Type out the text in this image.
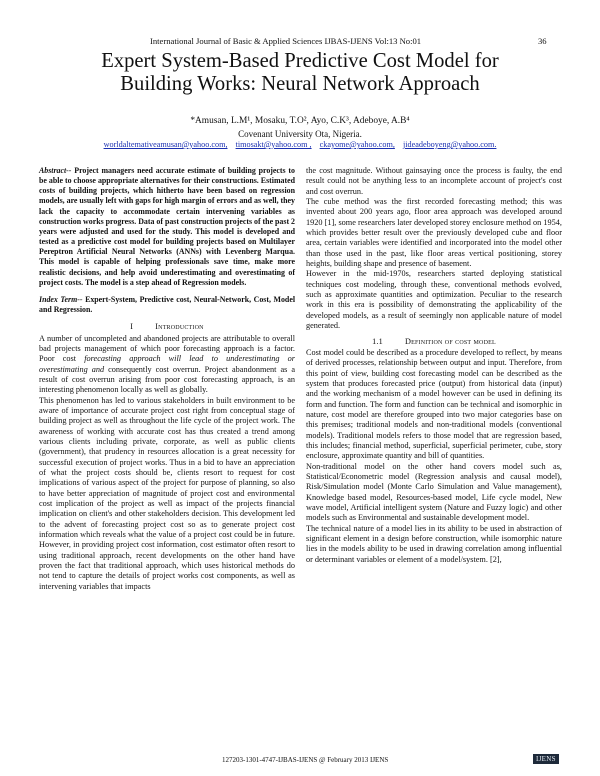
International Journal of Basic & Applied Sciences IJBAS-IJENS Vol:13 No:01	36
Expert System-Based Predictive Cost Model for
Building Works: Neural Network Approach
*Amusan, L.M¹, Mosaku, T.O², Ayo, C.K³, Adeboye, A.B⁴
Covenant University Ota, Nigeria.
worldaltemativeamusan@yahoo.com, timosakt@yahoo.com , ckayome@yahoo.com, jideadeboyeng@yahoo.com.

Abstract-- Project managers need accurate estimate of building projects to be able to choose appropriate alternatives for their constructions. Estimated costs of building projects, which hitherto have been based on regression models, are usually left with gaps for high margin of errors and as well, they lack the capacity to accommodate certain intervening variables as construction works progress. Data of past construction projects of the past 2 years were adjusted and used for the study. This model is developed and tested as a predictive cost model for building projects based on Multilayer Pereptron Artificial Neural Networks (ANNs) with Levenberg Marqua. This model is capable of helping professionals save time, make more realistic decisions, and help avoid underestimating and overestimating of project costs. The model is a step ahead of Regression models.

Index Term-- Expert-System, Predictive cost, Neural-Network, Cost, Model and Regression.

I	Introduction

A number of uncompleted and abandoned projects are attributable to overall bad projects management of which poor forecasting approach is a factor. Poor cost forecasting approach will lead to underestimating or overestimating and consequently cost overrun. Project abandonment as a result of cost overrun arising from poor cost forecasting approach, is an interesting phenomenon locally as well as globally.

This phenomenon has led to various stakeholders in built environment to be aware of importance of accurate project cost right from conceptual stage of building project as well as throughout the life cycle of the project work. The awareness of working with accurate cost has thus created a trend among various clients including private, corporate, as well as public clients (government), that prudency in resources allocation is a great necessity for successful execution of project works. Thus in a bid to have an appreciation of what the project costs should be, clients resort to request for cost implications of various aspect of the project for purpose of planning, so also to have better appreciation of magnitude of project cost and environmental cost implication of the project as well as impact of the projects financial implication on client's and other stakeholders decision. This development led to the advent of forecasting project cost so as to generate project cost information which reveals what the value of a project cost could be in future. However, in providing project cost information, cost estimator often resort to using traditional approach, recent developments on the other hand have proven the fact that traditional approach, which uses historical methods do not tend to capture the details of project works cost components, as well as intervening variables that impacts

the cost magnitude. Without gainsaying once the process is faulty, the end result could not be anything less to an incomplete account of project's cost and cost overrun.

The cube method was the first recorded forecasting method; this was invented about 200 years ago, floor area approach was developed around 1920 [1], some researchers later developed storey enclosure method on 1954, which provides better result over the previously developed cube and floor area, certain variables were identified and incorporated into the model other than those used in the past, like floor areas vertical positioning, storey heights, building shape and presence of basement.

However in the mid-1970s, researchers started deploying statistical techniques cost modeling, through these, conventional methods evolved, such as approximate quantities and optimization. Peculiar to the research work in this era is possibility of demonstrating the applicability of the developed models, as a result of seemingly non applicable nature of model generated.

1.1	Definition of cost model

Cost model could be described as a procedure developed to reflect, by means of derived processes, relationship between output and input. Therefore, from this point of view, building cost forecasting model can be described as the system that produces forecasted price (output) from historical data (input) and the working mechanism of a model however can be used in defining its form and function. The form and function can be technical and isomorphic in nature, cost model are therefore grouped into two major categories base on this premises; traditional models and non-traditional models (conventional models). Traditional models refers to those model that are regression based, this includes; financial method, superficial, superficial perimeter, cube, story enclosure, approximate quantity and bill of quantities.

Non-traditional model on the other hand covers model such as, Statistical/Econometric model (Regression analysis and causal model), Risk/Simulation model (Monte Carlo Simulation and Value management), Knowledge based model, Resources-based model, Life cycle model, New wave model, Artificial intelligent system (Nature and Fuzzy logic) and other models such as Environmental and sustainable development model.

The technical nature of a model lies in its ability to be used in abstraction of significant element in a design before construction, while isomorphic nature lies in the models ability to be used in drawing correlation among influential or determinant variables or element of a model/system. [2],

127203-1301-4747-IJBAS-IJENS @ February 2013 IJENS	IJENS
